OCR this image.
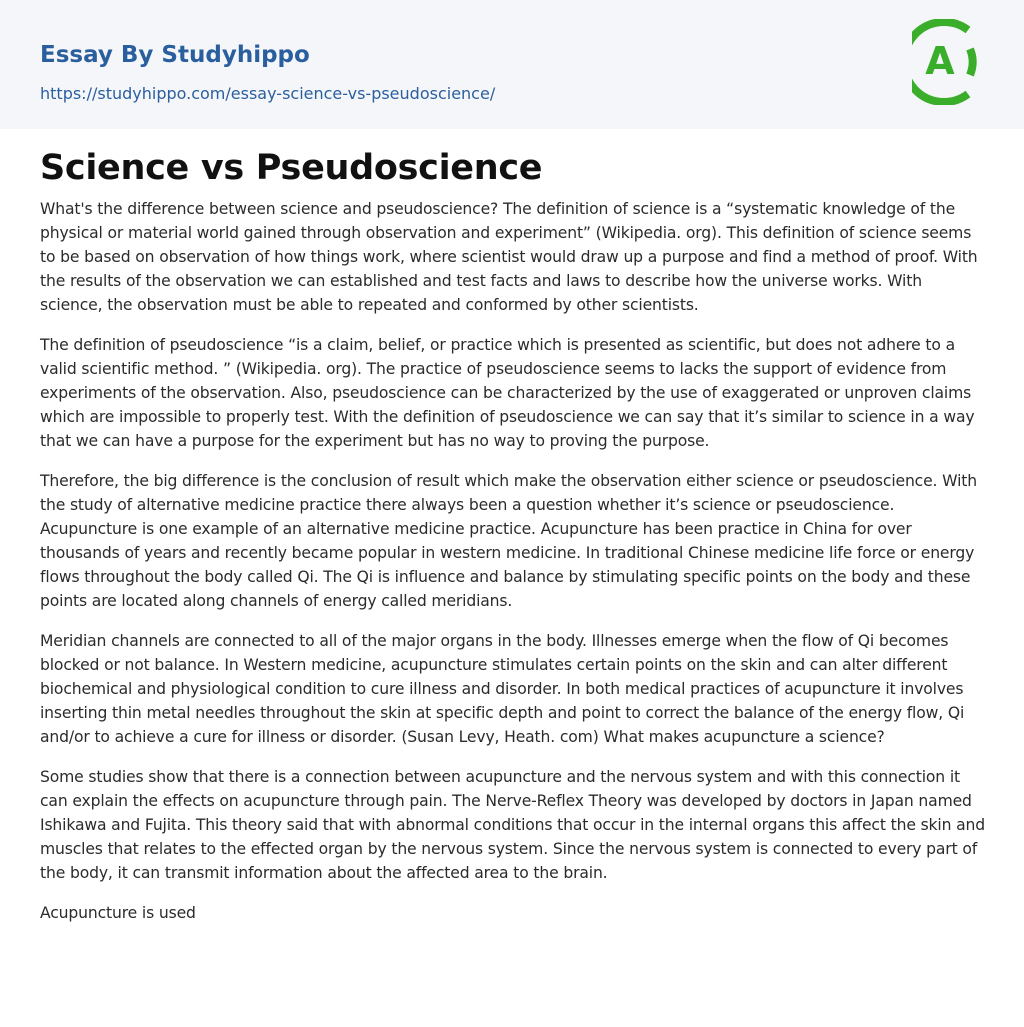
Essay By Studyhippo
https://studyhippo.com/essay-science-vs-pseudoscience/
A
Science vs Pseudoscience

What's the difference between science and pseudoscience? The definition of science is a “systematic knowledge of the physical or material world gained through observation and experiment” (Wikipedia. org). This definition of science seems to be based on observation of how things work, where scientist would draw up a purpose and find a method of proof. With the results of the observation we can established and test facts and laws to describe how the universe works. With science, the observation must be able to repeated and conformed by other scientists.

The definition of pseudoscience “is a claim, belief, or practice which is presented as scientific, but does not adhere to a valid scientific method. ” (Wikipedia. org). The practice of pseudoscience seems to lacks the support of evidence from experiments of the observation. Also, pseudoscience can be characterized by the use of exaggerated or unproven claims which are impossible to properly test. With the definition of pseudoscience we can say that it’s similar to science in a way that we can have a purpose for the experiment but has no way to proving the purpose.

Therefore, the big difference is the conclusion of result which make the observation either science or pseudoscience. With the study of alternative medicine practice there always been a question whether it’s science or pseudoscience. Acupuncture is one example of an alternative medicine practice. Acupuncture has been practice in China for over thousands of years and recently became popular in western medicine. In traditional Chinese medicine life force or energy flows throughout the body called Qi. The Qi is influence and balance by stimulating specific points on the body and these points are located along channels of energy called meridians.

Meridian channels are connected to all of the major organs in the body. Illnesses emerge when the flow of Qi becomes blocked or not balance. In Western medicine, acupuncture stimulates certain points on the skin and can alter different biochemical and physiological condition to cure illness and disorder. In both medical practices of acupuncture it involves inserting thin metal needles throughout the skin at specific depth and point to correct the balance of the energy flow, Qi and/or to achieve a cure for illness or disorder. (Susan Levy, Heath. com) What makes acupuncture a science?

Some studies show that there is a connection between acupuncture and the nervous system and with this connection it can explain the effects on acupuncture through pain. The Nerve-Reflex Theory was developed by doctors in Japan named Ishikawa and Fujita. This theory said that with abnormal conditions that occur in the internal organs this affect the skin and muscles that relates to the effected organ by the nervous system. Since the nervous system is connected to every part of the body, it can transmit information about the affected area to the brain.

Acupuncture is used
